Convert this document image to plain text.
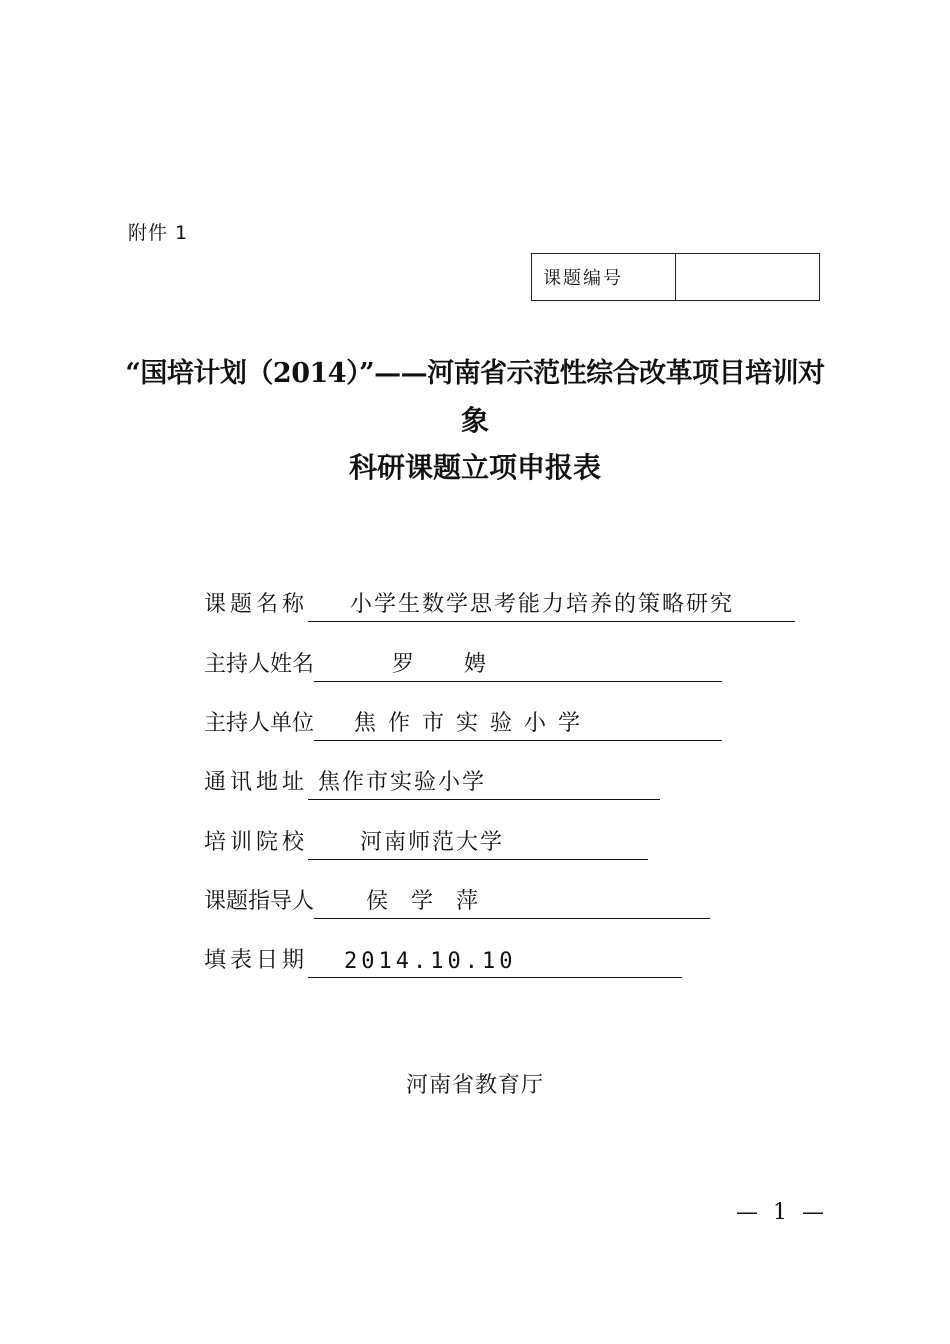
附件 1
课题编号
“国培计划（2014）”——河南省示范性综合改革项目培训对
象
科研课题立项申报表
课题名称	小学生数学思考能力培养的策略研究
主持人姓名	罗　　娉
主持人单位	焦作市实验小学
通讯地址 焦作市实验小学
培训院校	河南师范大学
课题指导人	侯 学 萍
填表日期	2014.10.10
河南省教育厅
— 1 —
